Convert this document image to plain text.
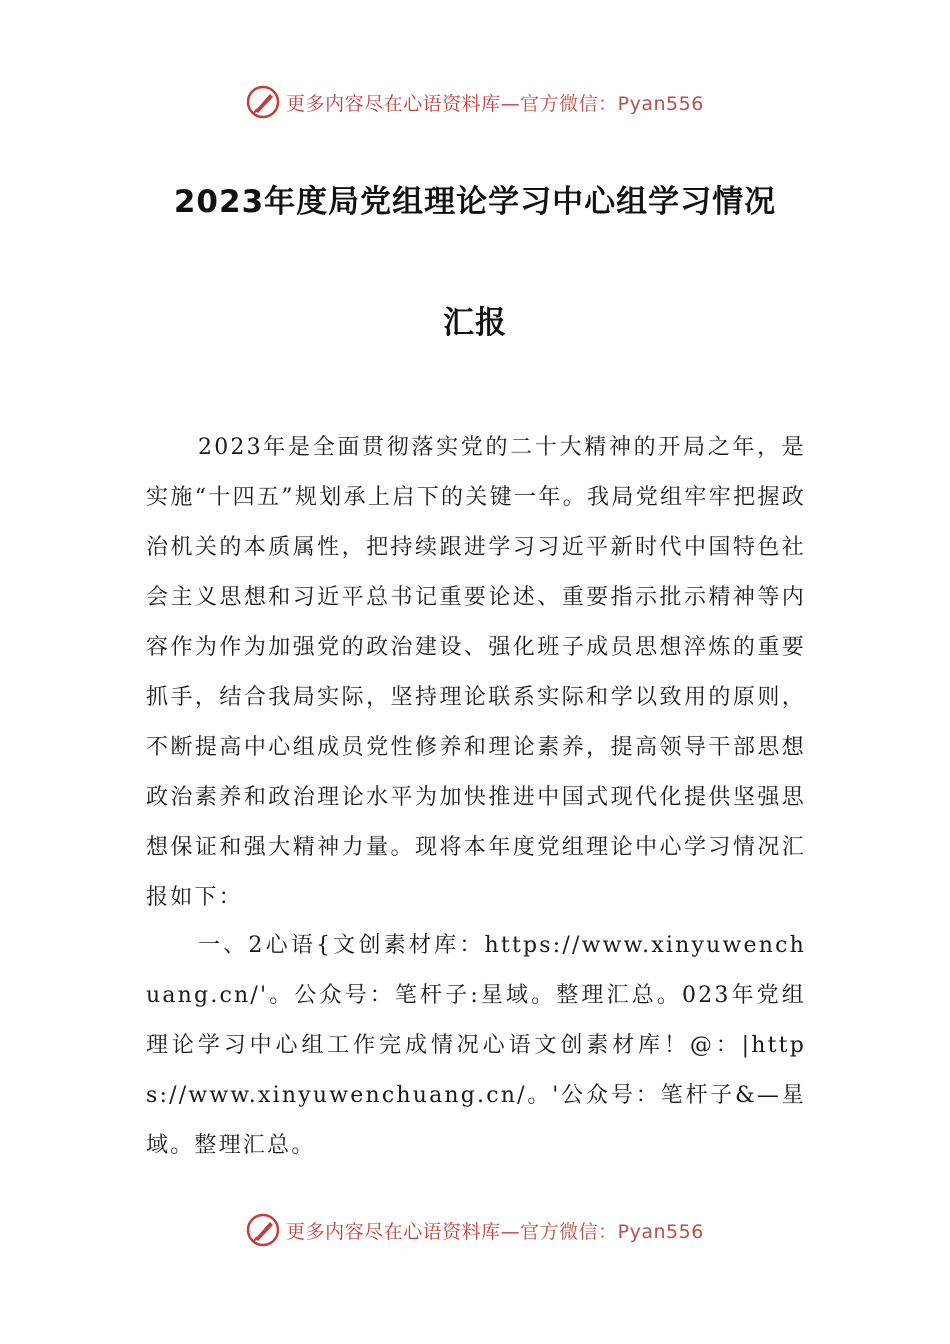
更多内容尽在心语资料库—官方微信：Pyan556
2023年度局党组理论学习中心组学习情况
汇报
2023年是全面贯彻落实党的二十大精神的开局之年，是实施“十四五”规划承上启下的关键一年。我局党组牢牢把握政治机关的本质属性，把持续跟进学习习近平新时代中国特色社会主义思想和习近平总书记重要论述、重要指示批示精神等内容作为作为加强党的政治建设、强化班子成员思想淬炼的重要抓手，结合我局实际，坚持理论联系实际和学以致用的原则，不断提高中心组成员党性修养和理论素养，提高领导干部思想政治素养和政治理论水平为加快推进中国式现代化提供坚强思想保证和强大精神力量。现将本年度党组理论中心学习情况汇报如下：
一、2心语{文创素材库：https://www.xinyuwenchuang.cn/'。公众号：笔杆子:星域。整理汇总。023年党组理论学习中心组工作完成情况心语文创素材库！@：|https://www.xinyuwenchuang.cn/。'公众号：笔杆子&—星域。整理汇总。
更多内容尽在心语资料库—官方微信：Pyan556
